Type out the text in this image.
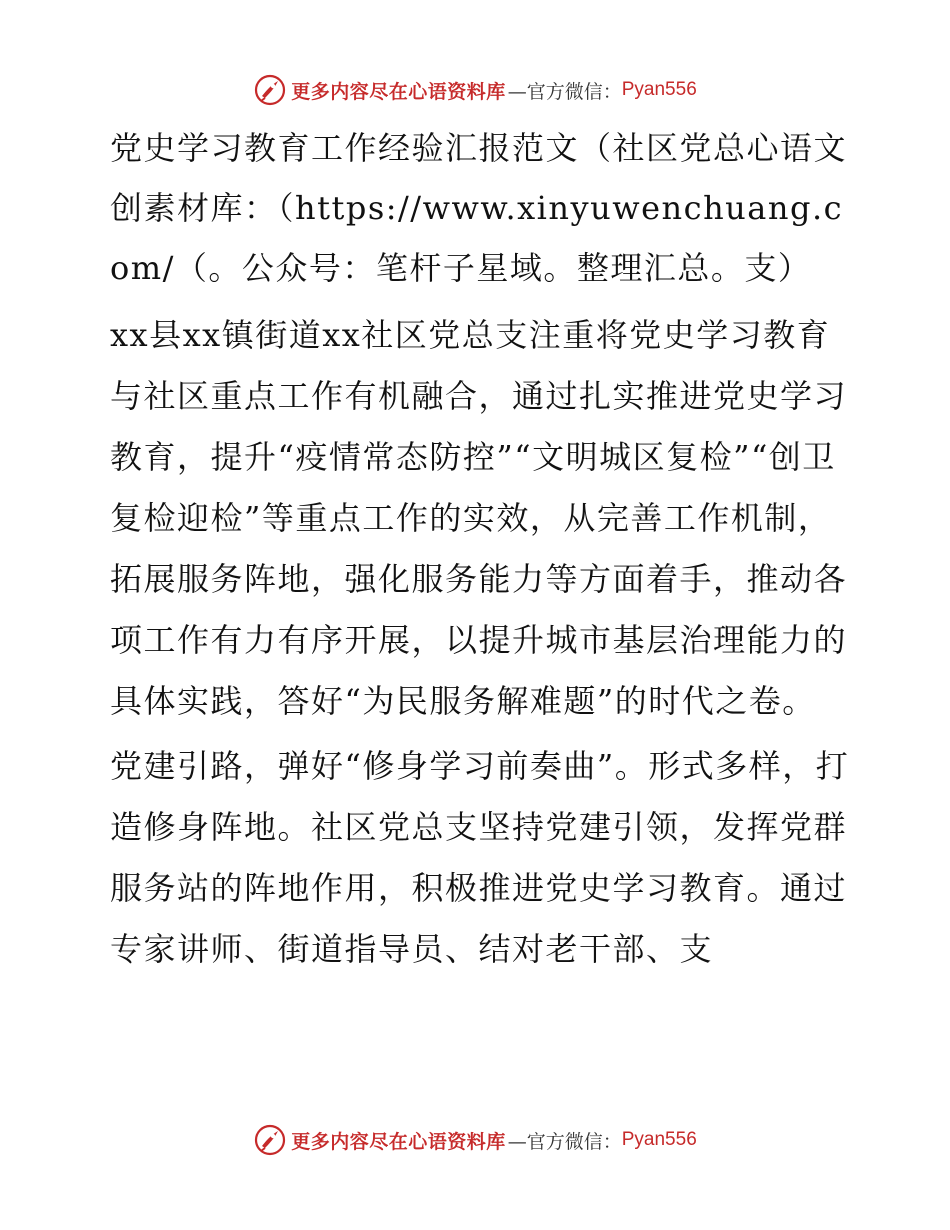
更多内容尽在心语资料库 —官方微信： Pyan556

党史学习教育工作经验汇报范文（社区党总心语文创素材库：（https://www.xinyuwenchuang.com/（。公众号：笔杆子星域。整理汇总。支）

xx县xx镇街道xx社区党总支注重将党史学习教育与社区重点工作有机融合，通过扎实推进党史学习教育，提升“疫情常态防控”“文明城区复检”“创卫复检迎检”等重点工作的实效，从完善工作机制，拓展服务阵地，强化服务能力等方面着手，推动各项工作有力有序开展，以提升城市基层治理能力的具体实践，答好“为民服务解难题”的时代之卷。

党建引路，弹好“修身学习前奏曲”。形式多样，打造修身阵地。社区党总支坚持党建引领，发挥党群服务站的阵地作用，积极推进党史学习教育。通过专家讲师、街道指导员、结对老干部、支

更多内容尽在心语资料库 —官方微信： Pyan556
